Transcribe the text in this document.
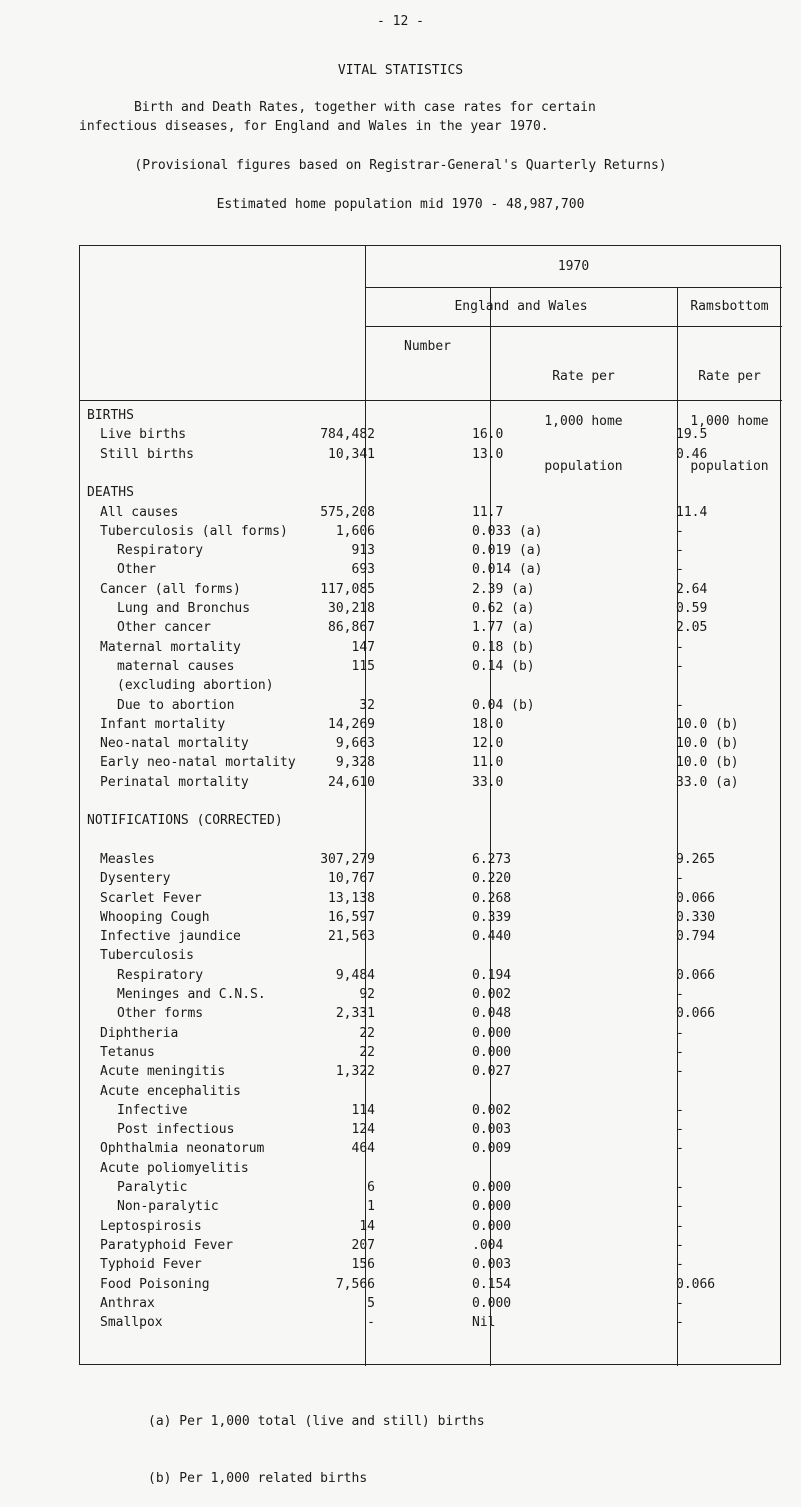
- 12 -
VITAL STATISTICS
Birth and Death Rates, together with case rates for certain
infectious diseases, for England and Wales in the year 1970.
(Provisional figures based on Registrar-General's Quarterly Returns)
Estimated home population mid 1970 - 48,987,700
1970
England and Wales	Ramsbottom
Number

Rate per

1,000 home

population

Rate per

1,000 home

population

BIRTHS
Live births	784,482	16.0	19.5
Still births	10,341	13.0	0.46
DEATHS
All causes	575,208	11.7	11.4
Tuberculosis (all forms)	1,606	0.033 (a)	-
Respiratory	913	0.019 (a)	-
Other	693	0.014 (a)	-
Cancer (all forms)	117,085	2.39 (a)	2.64
Lung and Bronchus	30,218	0.62 (a)	0.59
Other cancer	86,867	1.77 (a)	2.05
Maternal mortality	147	0.18 (b)	-
maternal causes	115	0.14 (b)	-
(excluding abortion)
Due to abortion	32	0.04 (b)	-
Infant mortality	14,269	18.0	10.0 (b)
Neo-natal mortality	9,663	12.0	10.0 (b)
Early neo-natal mortality	9,328	11.0	10.0 (b)
Perinatal mortality	24,610	33.0	33.0 (a)
NOTIFICATIONS (CORRECTED)
Measles	307,279	6.273	9.265
Dysentery	10,767	0.220	-
Scarlet Fever	13,138	0.268	0.066
Whooping Cough	16,597	0.339	0.330
Infective jaundice	21,563	0.440	0.794
Tuberculosis
Respiratory	9,484	0.194	0.066
Meninges and C.N.S.	92	0.002	-
Other forms	2,331	0.048	0.066
Diphtheria	22	0.000	-
Tetanus	22	0.000	-
Acute meningitis	1,322	0.027	-
Acute encephalitis
Infective	114	0.002	-
Post infectious	124	0.003	-
Ophthalmia neonatorum	464	0.009	-
Acute poliomyelitis
Paralytic	6	0.000	-
Non-paralytic	1	0.000	-
Leptospirosis	14	0.000	-
Paratyphoid Fever	207	.004	-
Typhoid Fever	156	0.003	-
Food Poisoning	7,566	0.154	0.066
Anthrax	5	0.000	-
Smallpox	-	Nil	-

(a) Per 1,000 total (live and still) births

(b) Per 1,000 related births
